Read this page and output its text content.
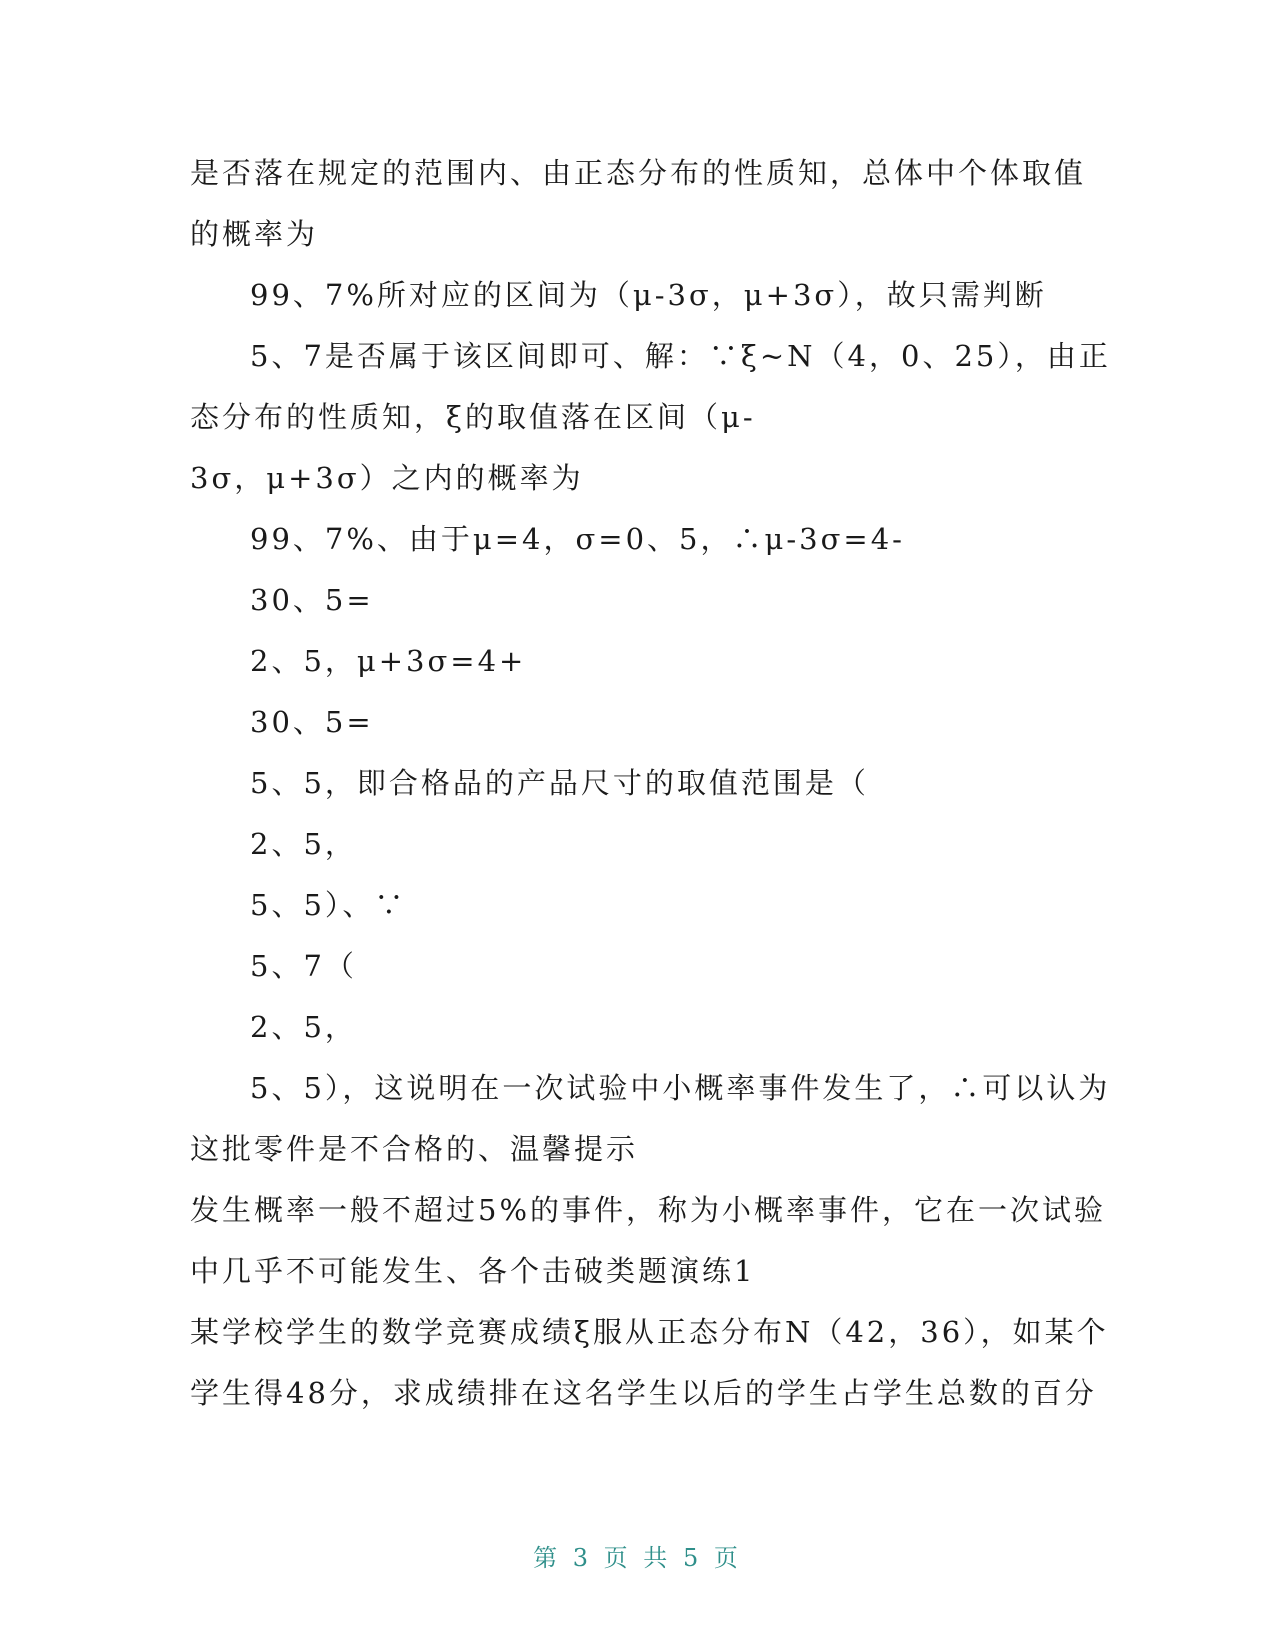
是否落在规定的范围内、由正态分布的性质知，总体中个体取值
的概率为
99、7%所对应的区间为（μ-3σ，μ+3σ），故只需判断
5、7是否属于该区间即可、解：∵ξ~N（4，0、25），由正
态分布的性质知，ξ的取值落在区间（μ-
3σ，μ+3σ）之内的概率为
99、7%、由于μ=4，σ=0、5，∴μ-3σ=4-
30、5=
2、5，μ+3σ=4+
30、5=
5、5，即合格品的产品尺寸的取值范围是（
2、5，
5、5）、∵
5、7（
2、5，
5、5），这说明在一次试验中小概率事件发生了，∴可以认为
这批零件是不合格的、温馨提示
发生概率一般不超过5%的事件，称为小概率事件，它在一次试验
中几乎不可能发生、各个击破类题演练1
某学校学生的数学竞赛成绩ξ服从正态分布N（42，36），如某个
学生得48分，求成绩排在这名学生以后的学生占学生总数的百分
第 3 页 共 5 页
